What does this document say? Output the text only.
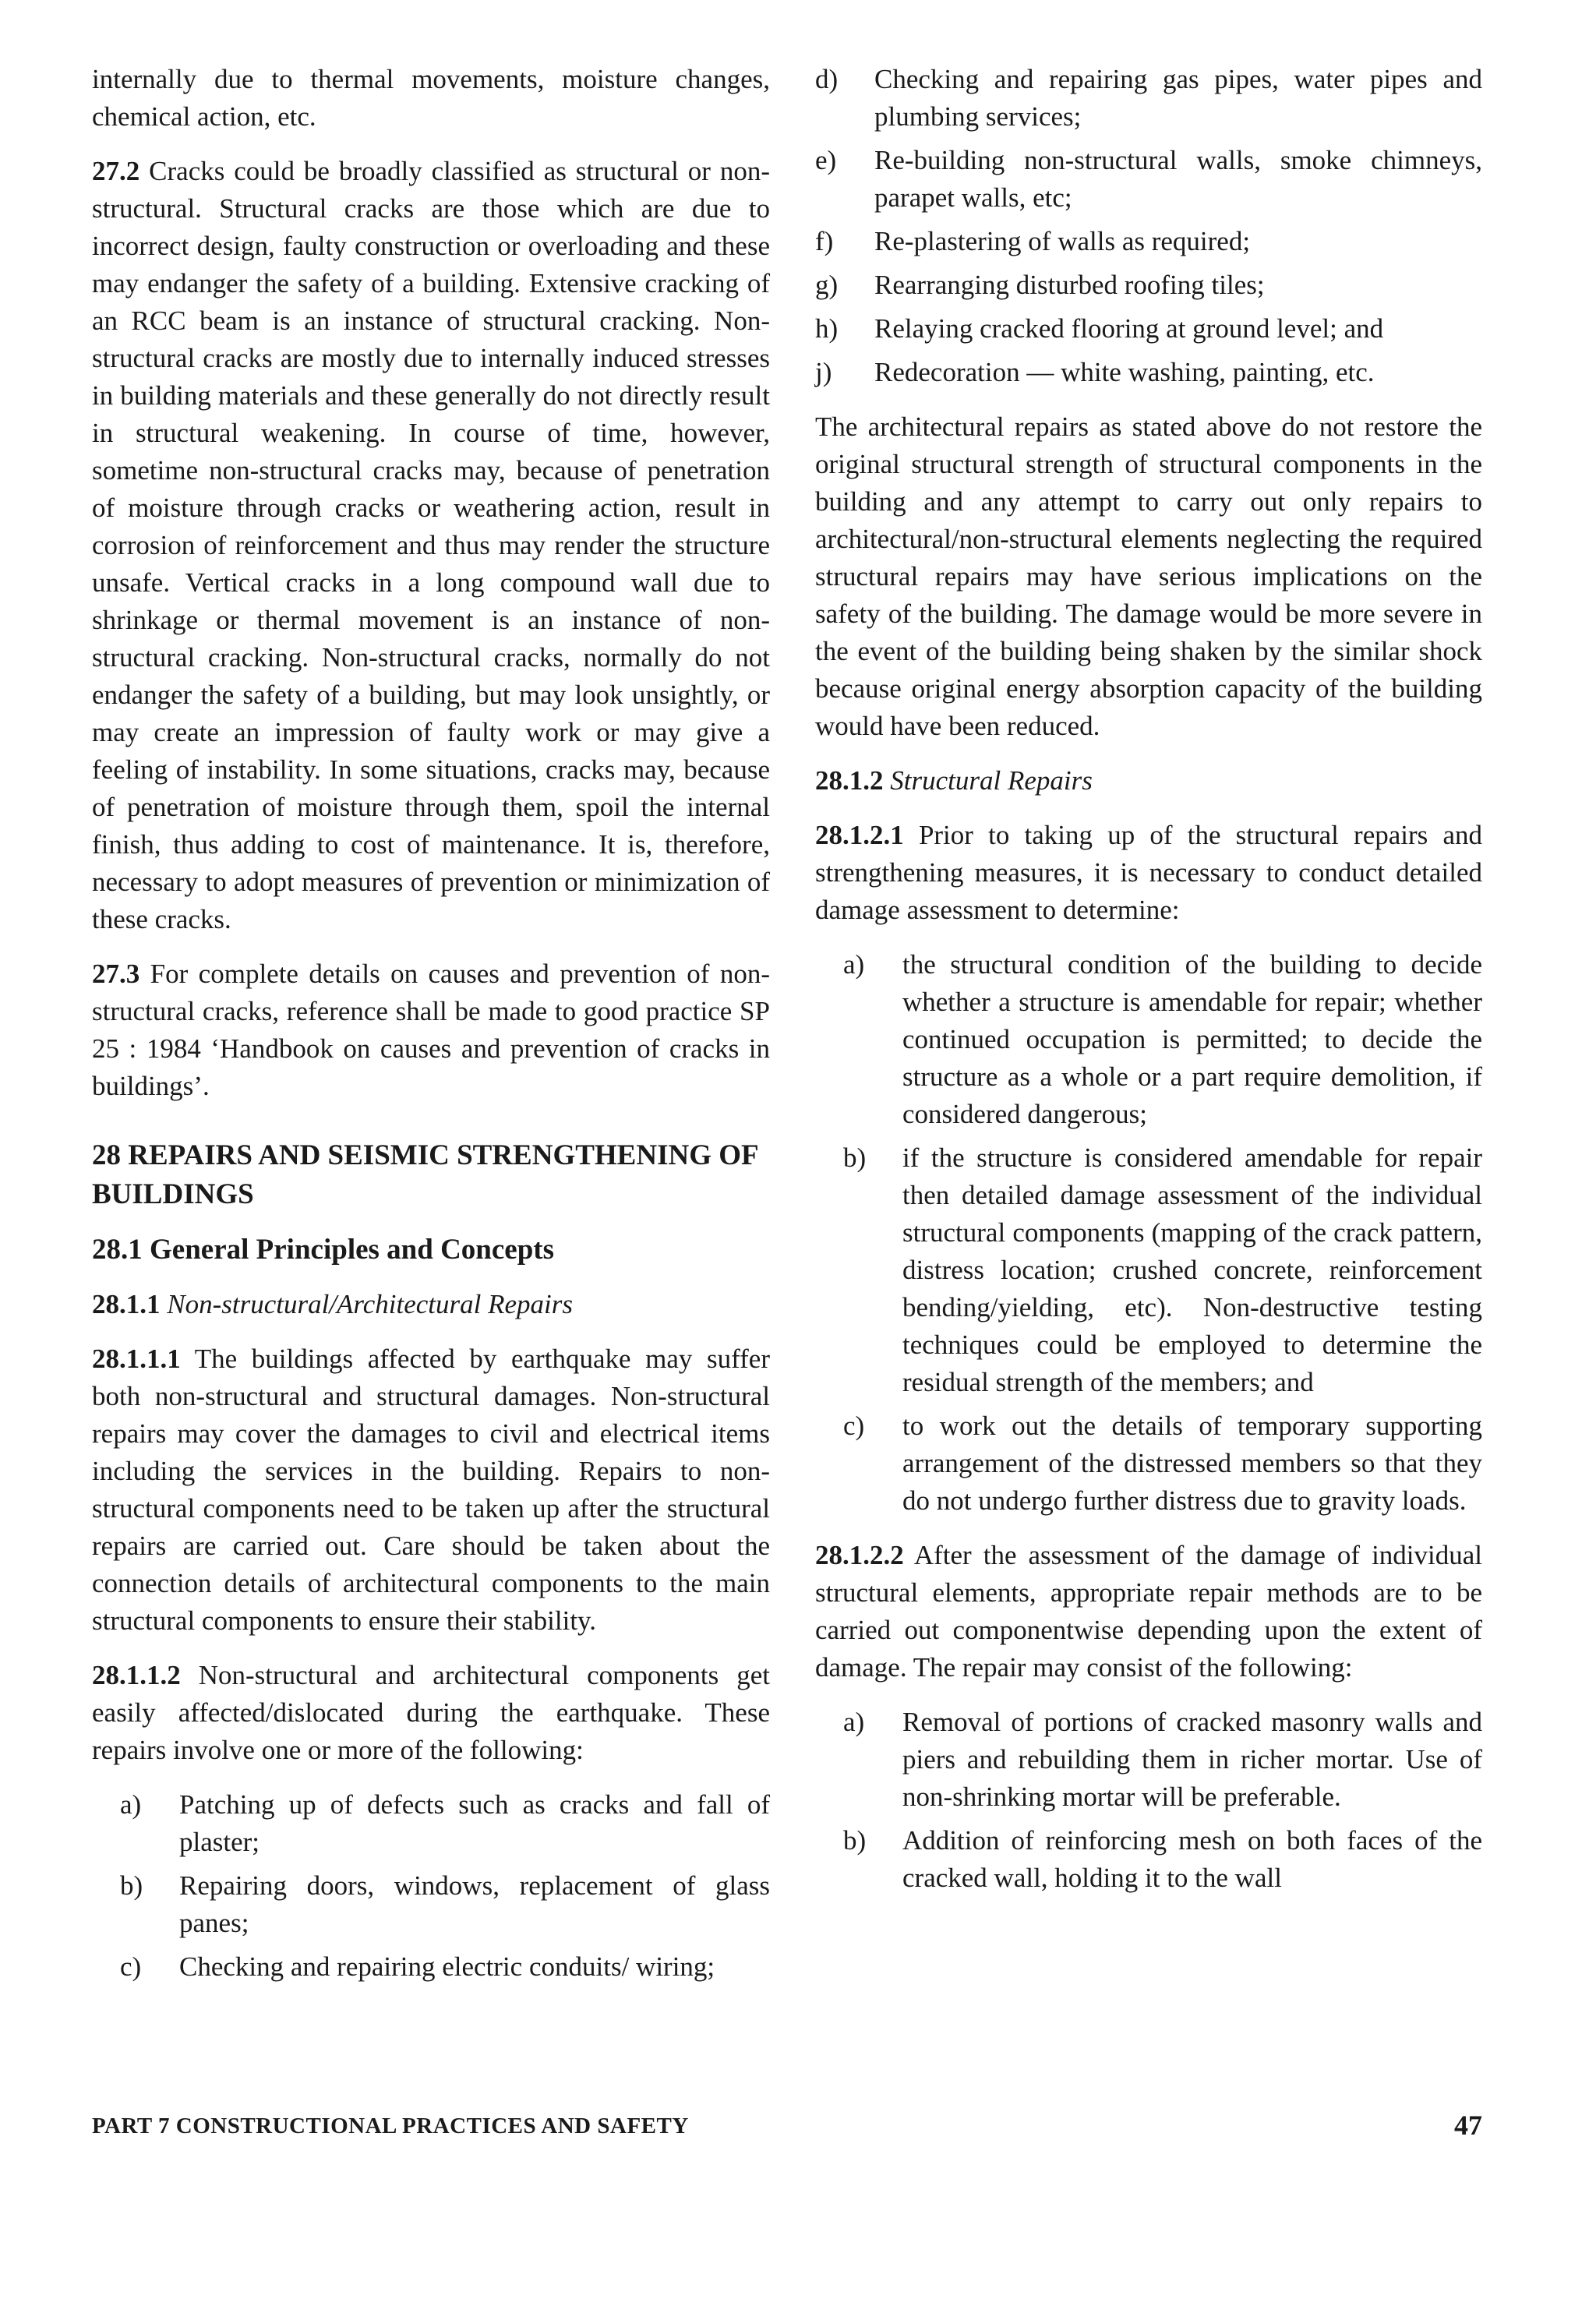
internally due to thermal movements, moisture changes, chemical action, etc.

27.2 Cracks could be broadly classified as structural or non-structural. Structural cracks are those which are due to incorrect design, faulty construction or overloading and these may endanger the safety of a building. Extensive cracking of an RCC beam is an instance of structural cracking. Non-structural cracks are mostly due to internally induced stresses in building materials and these generally do not directly result in structural weakening. In course of time, however, sometime non-structural cracks may, because of penetration of moisture through cracks or weathering action, result in corrosion of reinforcement and thus may render the structure unsafe. Vertical cracks in a long compound wall due to shrinkage or thermal movement is an instance of non-structural cracking. Non-structural cracks, normally do not endanger the safety of a building, but may look unsightly, or may create an impression of faulty work or may give a feeling of instability. In some situations, cracks may, because of penetration of moisture through them, spoil the internal finish, thus adding to cost of maintenance. It is, therefore, necessary to adopt measures of prevention or minimization of these cracks.

27.3 For complete details on causes and prevention of non-structural cracks, reference shall be made to good practice SP 25 : 1984 ‘Handbook on causes and prevention of cracks in buildings’.

28 REPAIRS AND SEISMIC STRENGTHENING OF BUILDINGS
28.1 General Principles and Concepts
28.1.1 Non-structural/Architectural Repairs

28.1.1.1 The buildings affected by earthquake may suffer both non-structural and structural damages. Non-structural repairs may cover the damages to civil and electrical items including the services in the building. Repairs to non-structural components need to be taken up after the structural repairs are carried out. Care should be taken about the connection details of architectural components to the main structural components to ensure their stability.

28.1.1.2 Non-structural and architectural components get easily affected/dislocated during the earthquake. These repairs involve one or more of the following:

a)	Patching up of defects such as cracks and fall of plaster;
b)	Repairing doors, windows, replacement of glass panes;
c)	Checking and repairing electric conduits/ wiring;
d)	Checking and repairing gas pipes, water pipes and plumbing services;
e)	Re-building non-structural walls, smoke chimneys, parapet walls, etc;
f)	Re-plastering of walls as required;
g)	Rearranging disturbed roofing tiles;
h)	Relaying cracked flooring at ground level; and
j)	Redecoration — white washing, painting, etc.

The architectural repairs as stated above do not restore the original structural strength of structural components in the building and any attempt to carry out only repairs to architectural/non-structural elements neglecting the required structural repairs may have serious implications on the safety of the building. The damage would be more severe in the event of the building being shaken by the similar shock because original energy absorption capacity of the building would have been reduced.

28.1.2 Structural Repairs

28.1.2.1 Prior to taking up of the structural repairs and strengthening measures, it is necessary to conduct detailed damage assessment to determine:

a)	the structural condition of the building to decide whether a structure is amendable for repair; whether continued occupation is permitted; to decide the structure as a whole or a part require demolition, if considered dangerous;
b)	if the structure is considered amendable for repair then detailed damage assessment of the individual structural components (mapping of the crack pattern, distress location; crushed concrete, reinforcement bending/yielding, etc). Non-destructive testing techniques could be employed to determine the residual strength of the members; and
c)	to work out the details of temporary supporting arrangement of the distressed members so that they do not undergo further distress due to gravity loads.

28.1.2.2 After the assessment of the damage of individual structural elements, appropriate repair methods are to be carried out componentwise depending upon the extent of damage. The repair may consist of the following:

a)	Removal of portions of cracked masonry walls and piers and rebuilding them in richer mortar. Use of non-shrinking mortar will be preferable.
b)	Addition of reinforcing mesh on both faces of the cracked wall, holding it to the wall
PART 7 CONSTRUCTIONAL PRACTICES AND SAFETY	47
